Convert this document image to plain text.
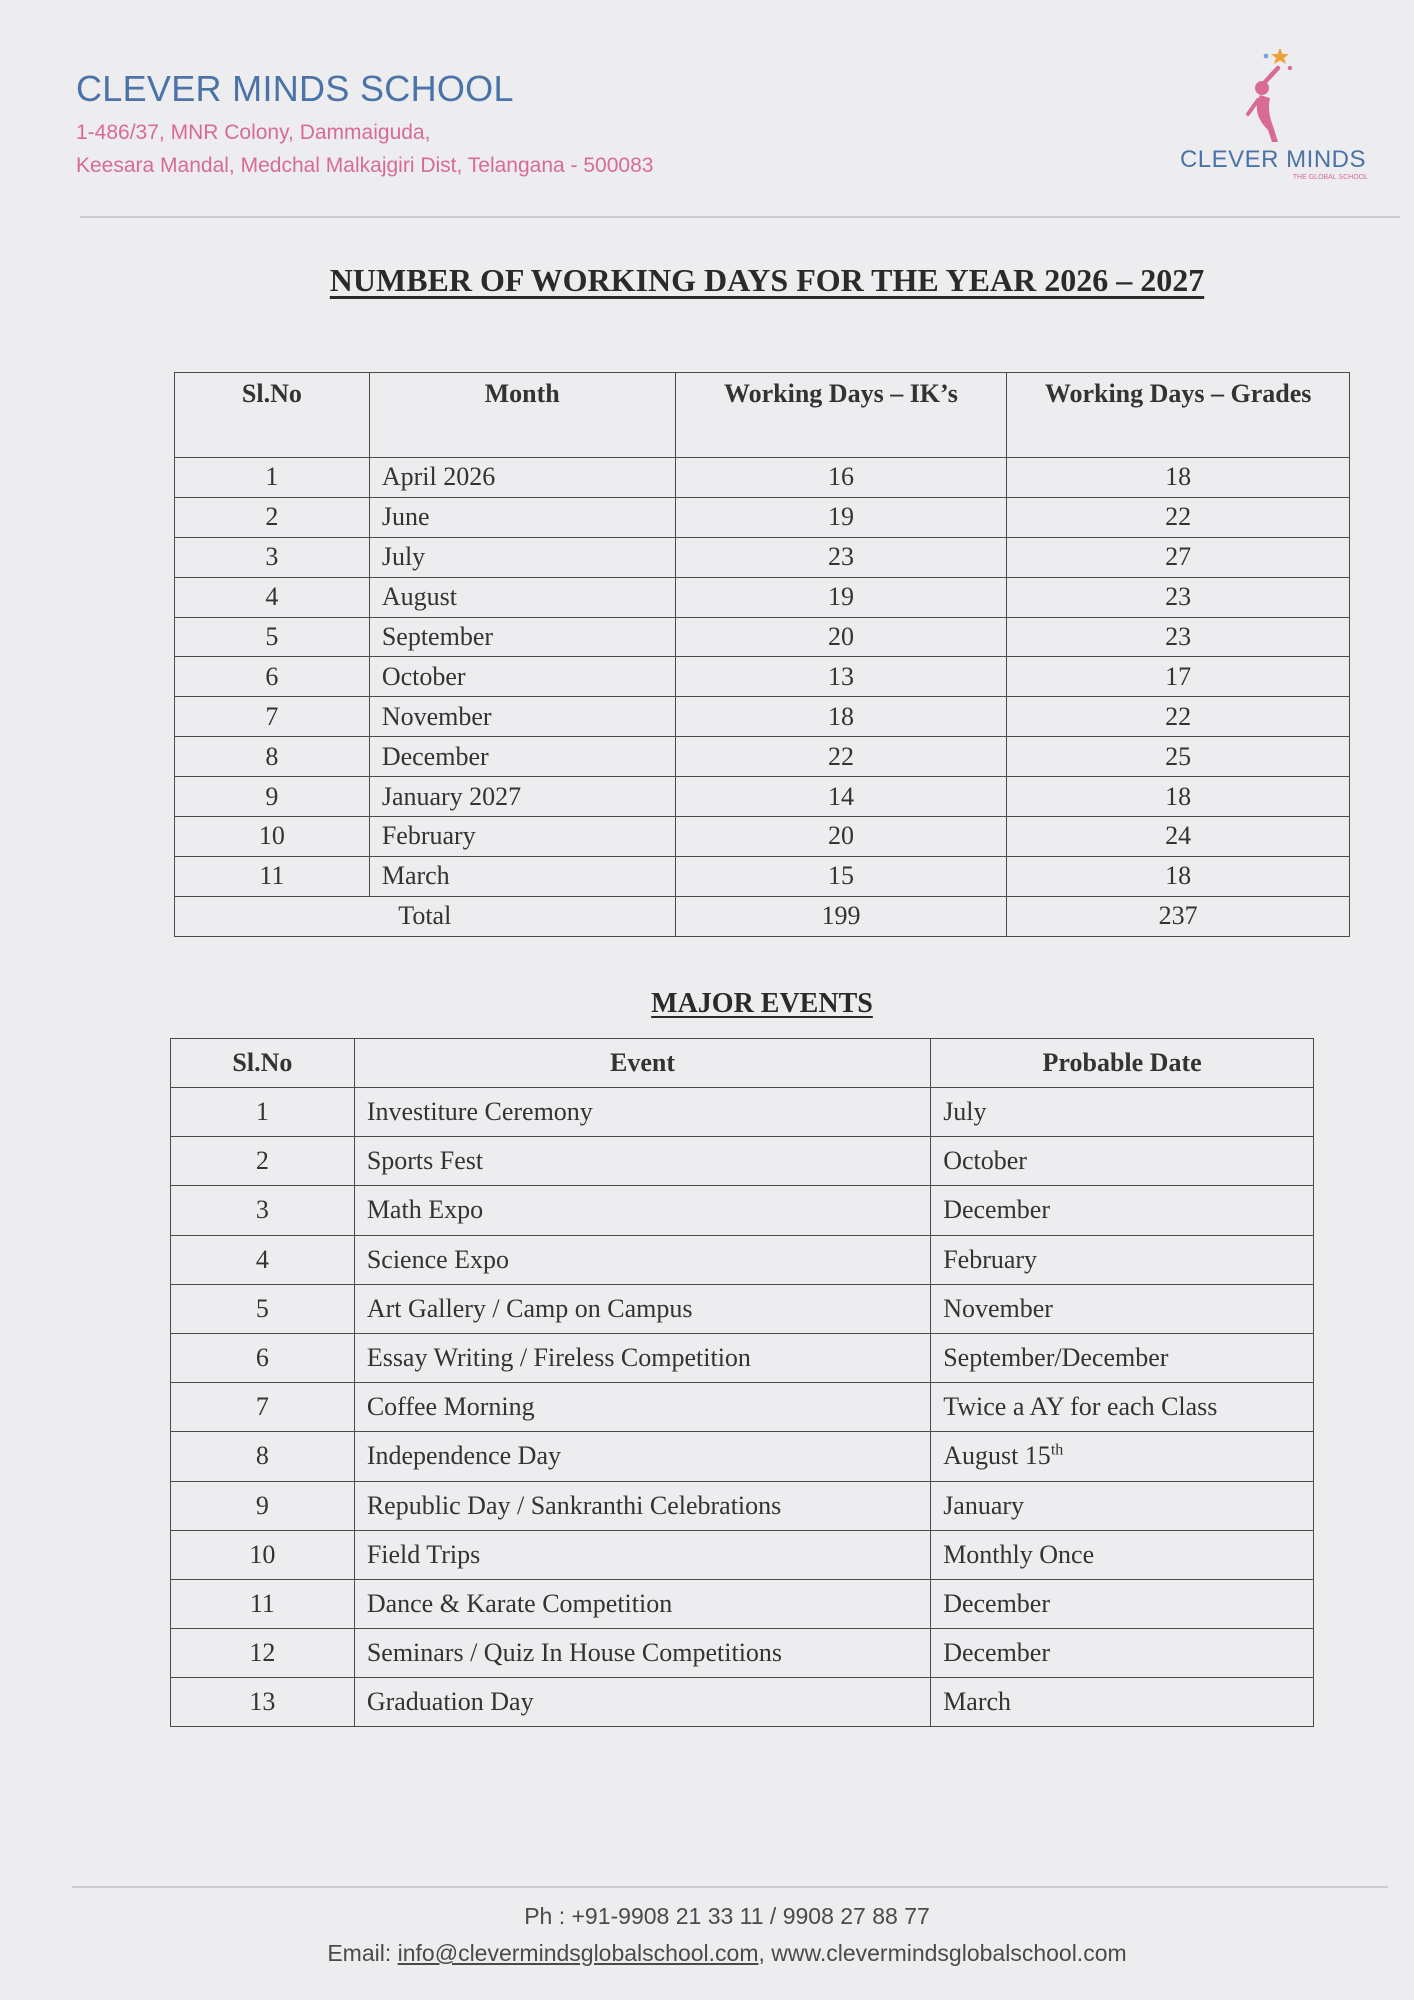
CLEVER MINDS SCHOOL
1-486/37, MNR Colony, Dammaiguda,
Keesara Mandal, Medchal Malkajgiri Dist, Telangana - 500083	CLEVER MINDS
THE GLOBAL SCHOOL
NUMBER OF WORKING DAYS FOR THE YEAR 2026 – 2027
Sl.No	Month	Working Days – IK’s	Working Days – Grades
1	April 2026	16	18
2	June	19	22
3	July	23	27
4	August	19	23
5	September	20	23
6	October	13	17
7	November	18	22
8	December	22	25
9	January 2027	14	18
10	February	20	24
11	March	15	18
Total		199	237
MAJOR EVENTS
Sl.No	Event	Probable Date
1	Investiture Ceremony	July
2	Sports Fest	October
3	Math Expo	December
4	Science Expo	February
5	Art Gallery / Camp on Campus	November
6	Essay Writing / Fireless Competition	September/December
7	Coffee Morning	Twice a AY for each Class
8	Independence Day	August 15th
9	Republic Day / Sankranthi Celebrations	January
10	Field Trips	Monthly Once
11	Dance & Karate Competition	December
12	Seminars / Quiz In House Competitions	December
13	Graduation Day	March
Ph : +91-9908 21 33 11 / 9908 27 88 77
Email: info@clevermindsglobalschool.com, www.clevermindsglobalschool.com
